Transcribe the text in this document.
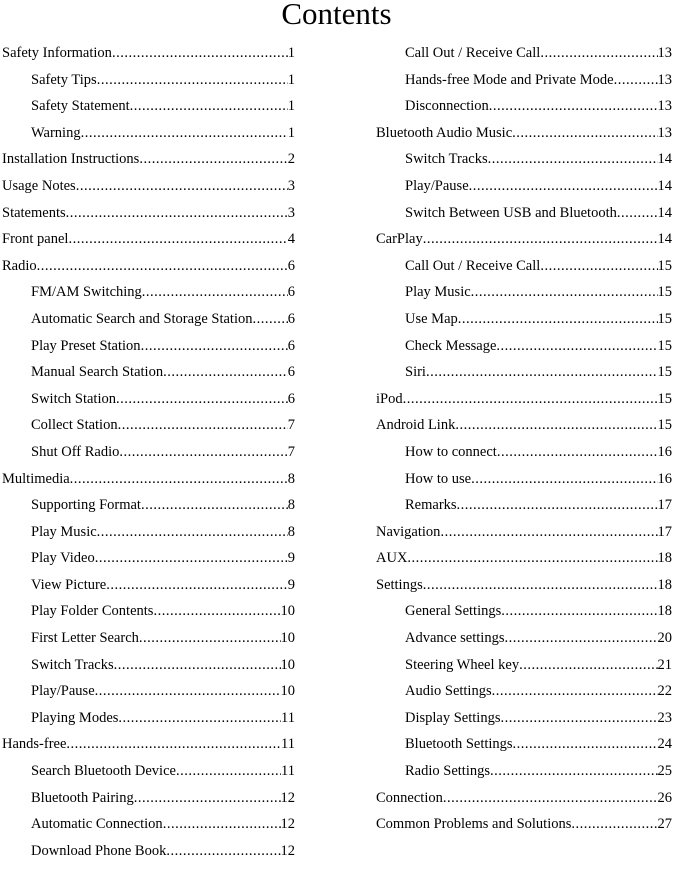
Contents
Safety Information .....	1
Safety Tips .....	1
Safety Statement .....	1
Warning .....	1
Installation Instructions .....	2
Usage Notes .....	3
Statements .....	3
Front panel .....	4
Radio .....	6
FM/AM Switching .....	6
Automatic Search and Storage Station ..... 6
Play Preset Station .....	6
Manual Search Station .....	6
Switch Station .....	6
Collect Station .....	7
Shut Off Radio .....	7
Multimedia .....	8
Supporting Format .....	8
Play Music .....	8
Play Video .....	9
View Picture .....	9
Play Folder Contents .....	10
First Letter Search .....	10
Switch Tracks .....	10
Play/Pause .....	10
Playing Modes .....	11
Hands-free .....	11
Search Bluetooth Device .....	11
Bluetooth Pairing .....	12
Automatic Connection .....	12
Download Phone Book .....	12
Call Out / Receive Call .....	13
Hands-free Mode and Private Mode .....	13
Disconnection .....	13
Bluetooth Audio Music .....	13
Switch Tracks .....	14
Play/Pause .....	14
Switch Between USB and Bluetooth .....	14
CarPlay .....	14
Call Out / Receive Call .....	15
Play Music .....	15
Use Map .....	15
Check Message .....	15
Siri .....	15
iPod .....	15
Android Link .....	15
How to connect .....	16
How to use .....	16
Remarks .....	17
Navigation .....	17
AUX .....	18
Settings .....	18
General Settings .....	18
Advance settings .....	20
Steering Wheel key .....	21
Audio Settings .....	22
Display Settings .....	23
Bluetooth Settings .....	24
Radio Settings .....	25
Connection .....	26
Common Problems and Solutions .....	27
